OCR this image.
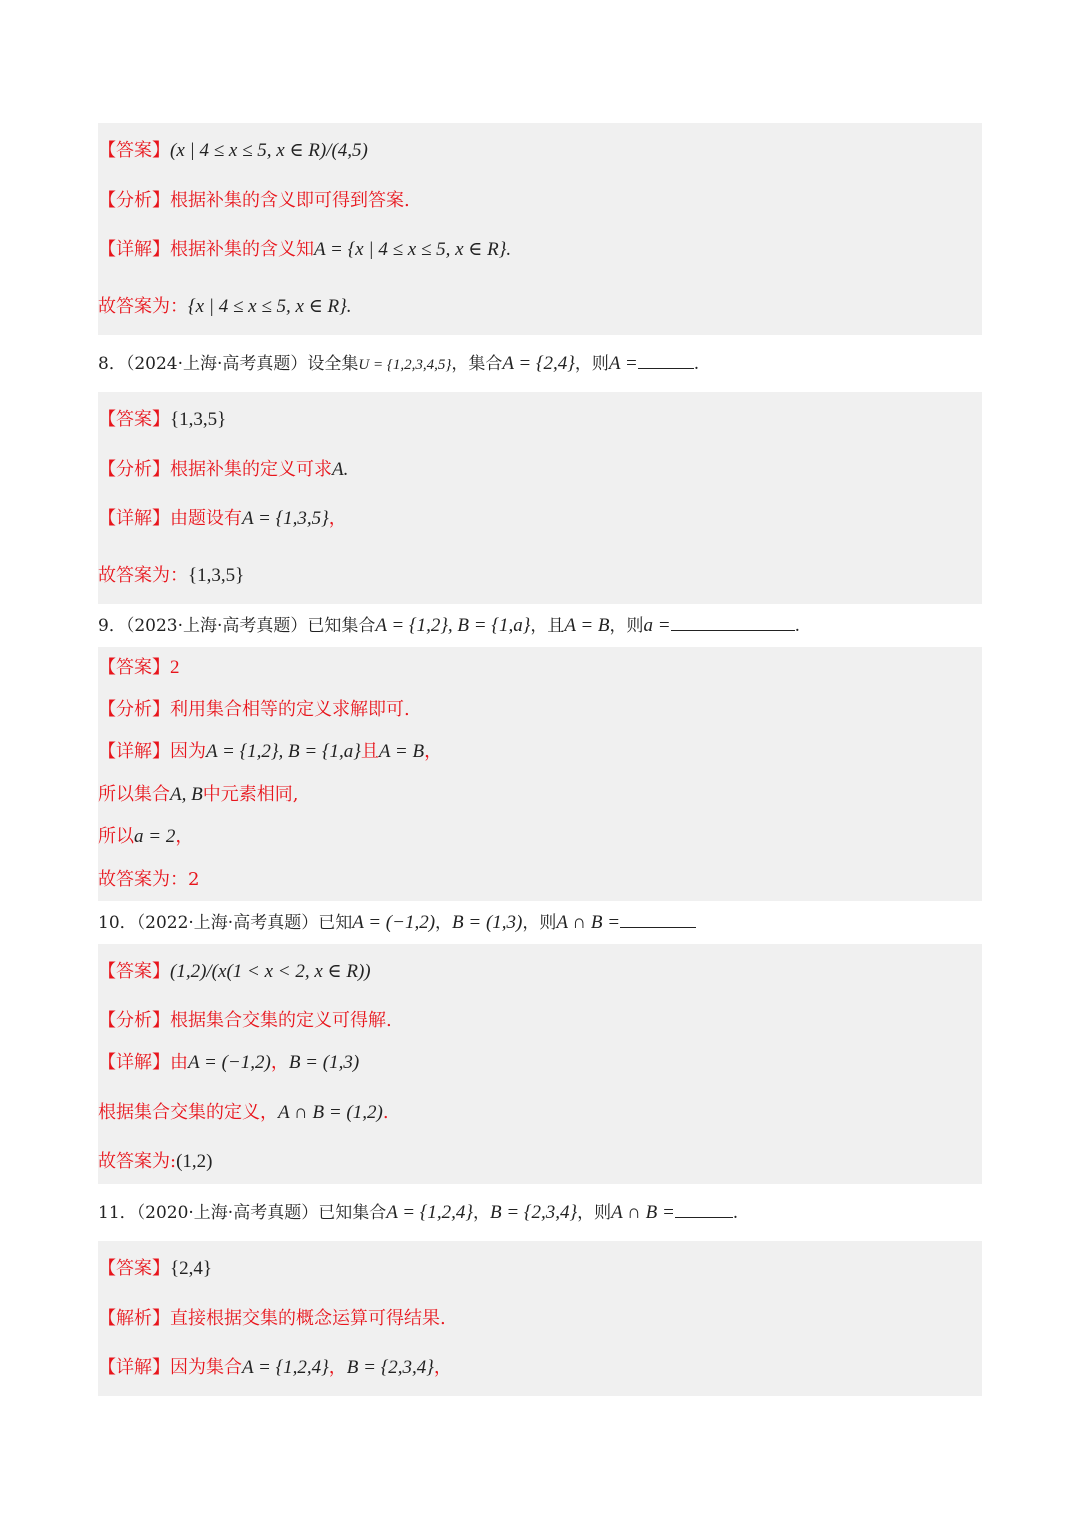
【答案】(x | 4 ≤ x ≤ 5, x ∈ R)/(4,5)
【分析】根据补集的含义即可得到答案.
【详解】根据补集的含义知A = {x | 4 ≤ x ≤ 5, x ∈ R}.
故答案为：{x | 4 ≤ x ≤ 5, x ∈ R}.
8．（2024·上海·高考真题）设全集U = {1,2,3,4,5}，集合A = {2,4}，则A =	.
【答案】{1,3,5}
【分析】根据补集的定义可求A.
【详解】由题设有A = {1,3,5}，
故答案为：{1,3,5}
9．（2023·上海·高考真题）已知集合A = {1,2}, B = {1,a}，且A = B，则a =	.
【答案】2
【分析】利用集合相等的定义求解即可.
【详解】因为A = {1,2}, B = {1,a}且A = B，
所以集合A, B中元素相同,
所以a = 2，
故答案为：2
10．（2022·上海·高考真题）已知A = (−1,2)，B = (1,3)，则A ∩ B =
【答案】(1,2)/(x(1 < x < 2, x ∈ R))
【分析】根据集合交集的定义可得解.
【详解】由A = (−1,2)，B = (1,3)
根据集合交集的定义，A ∩ B = (1,2).
故答案为:(1,2)
11．（2020·上海·高考真题）已知集合A = {1,2,4}，B = {2,3,4}，则A ∩ B =	.
【答案】{2,4}
【解析】直接根据交集的概念运算可得结果.
【详解】因为集合A = {1,2,4}，B = {2,3,4}，
